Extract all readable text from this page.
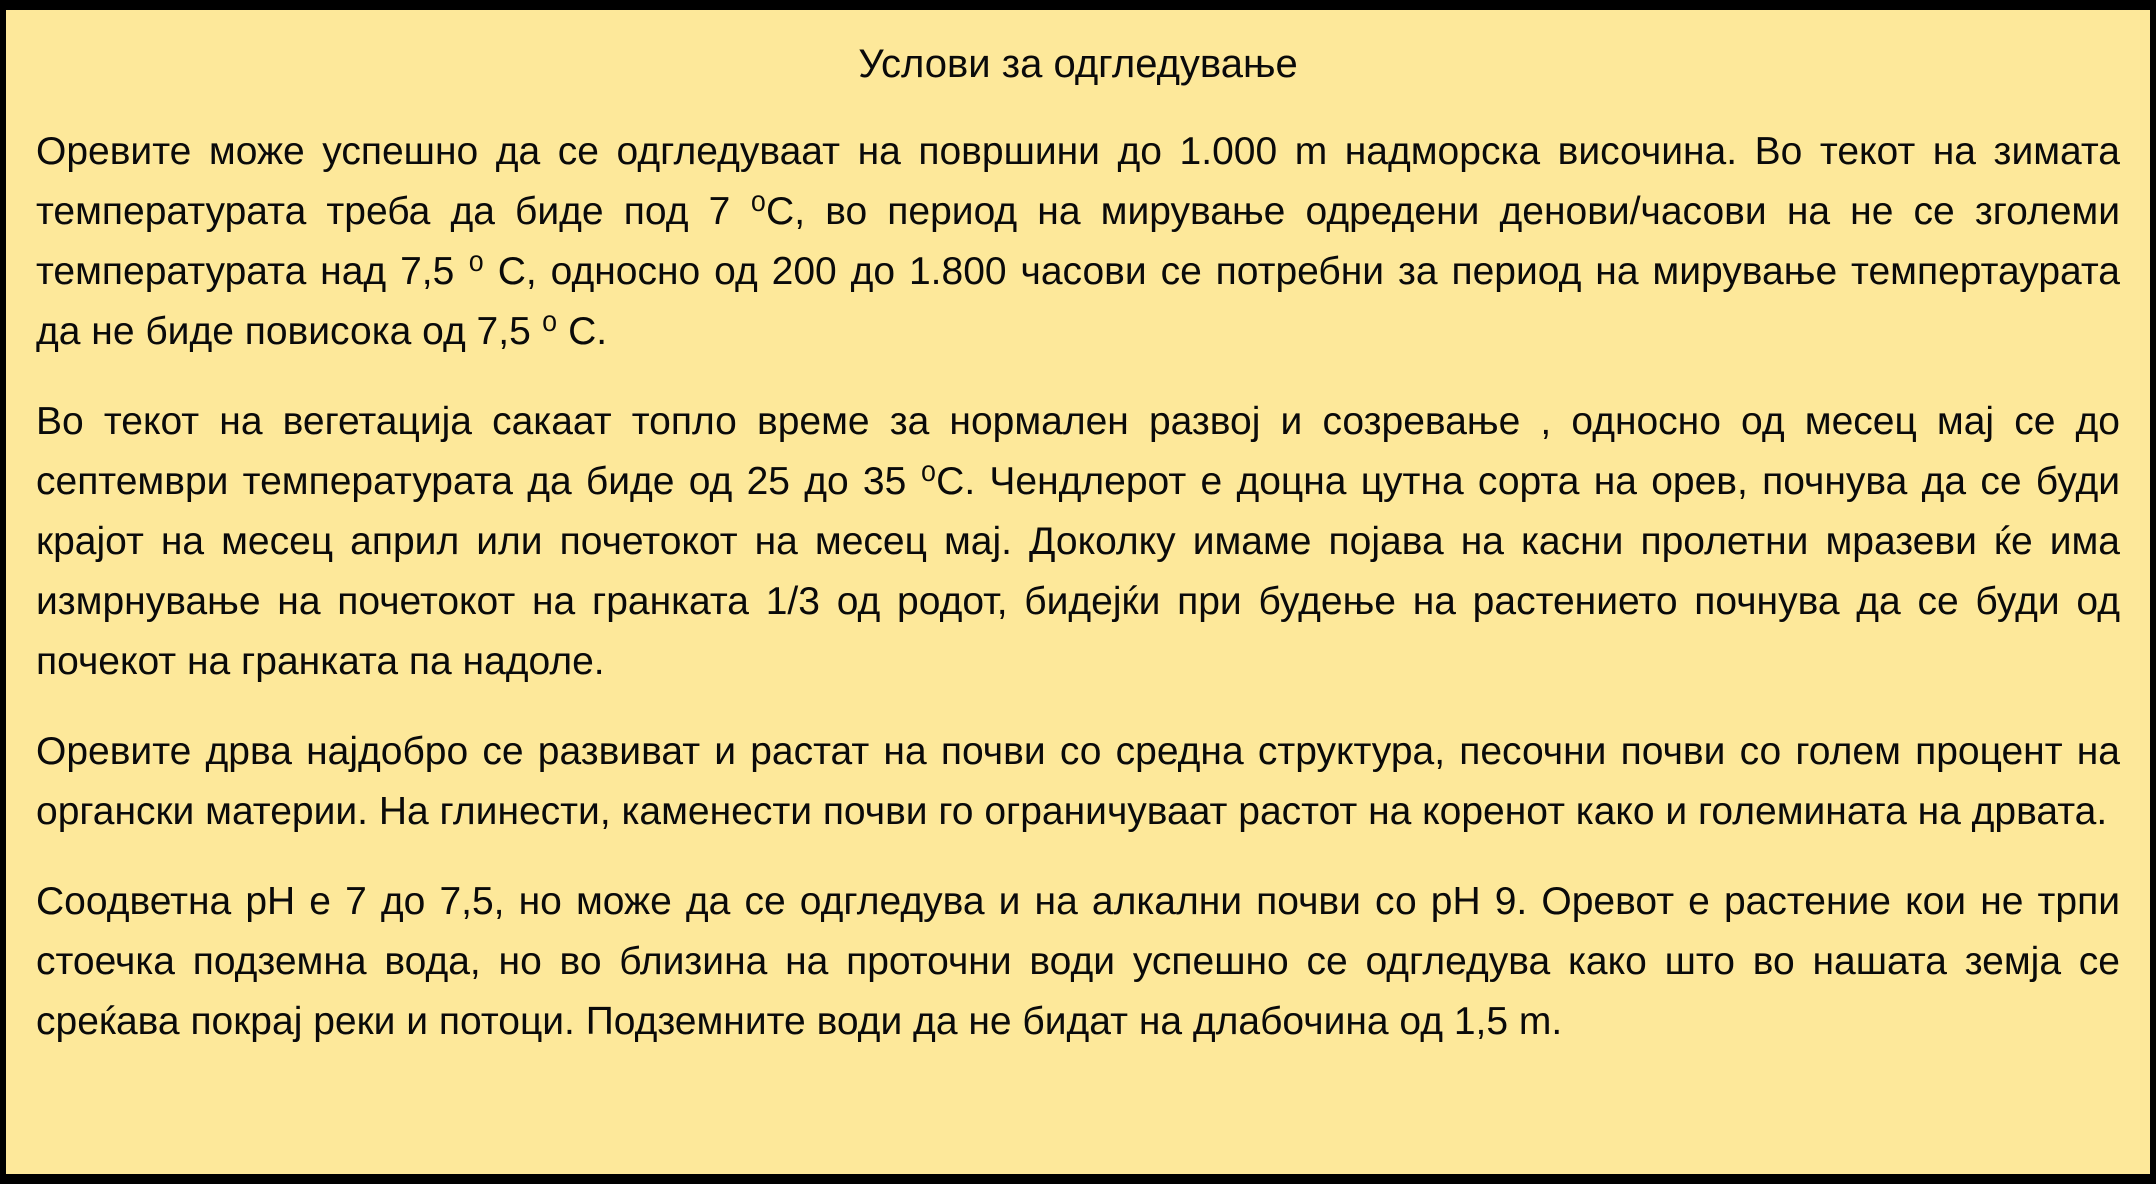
Услови за одгледување

Оревите може успешно да се одгледуваат на површини до 1.000 m надморска височина. Во текот на зимата температурата треба да биде под 7 ⁰С, во период на мирување одредени денови/часови на не се зголеми температурата над 7,5 ⁰ С, односно од 200 до 1.800 часови се потребни за период на мирување темпертаурата да не биде повисока од 7,5 ⁰ С.

Во текот на вегетација сакаат топло време за нормален развој и созревање , односно од месец мај се до септември температурата да биде од 25 до 35 ⁰С. Чендлерот е доцна цутна сорта на орев, почнува да се буди крајот на месец април или почетокот на месец мај. Доколку имаме појава на касни пролетни мразеви ќе има измрнување на почетокот на гранката 1/3 од родот, бидејќи при будење на растението почнува да се буди од почекот на гранката па надоле.

Оревите дрва најдобро се развиват и растат на почви со средна структура, песочни почви со голем процент на органски материи. На глинести, каменести почви го ограничуваат растот на коренот како и големината на дрвата.

Соодветна pH е 7 до 7,5, но може да се одгледува и на алкални почви со pH 9. Оревот е растение кои не трпи стоечка подземна вода, но во близина на проточни води успешно се одгледува како што во нашата земја се среќава покрај реки и потоци. Подземните води да не бидат на длабочина од 1,5 m.
